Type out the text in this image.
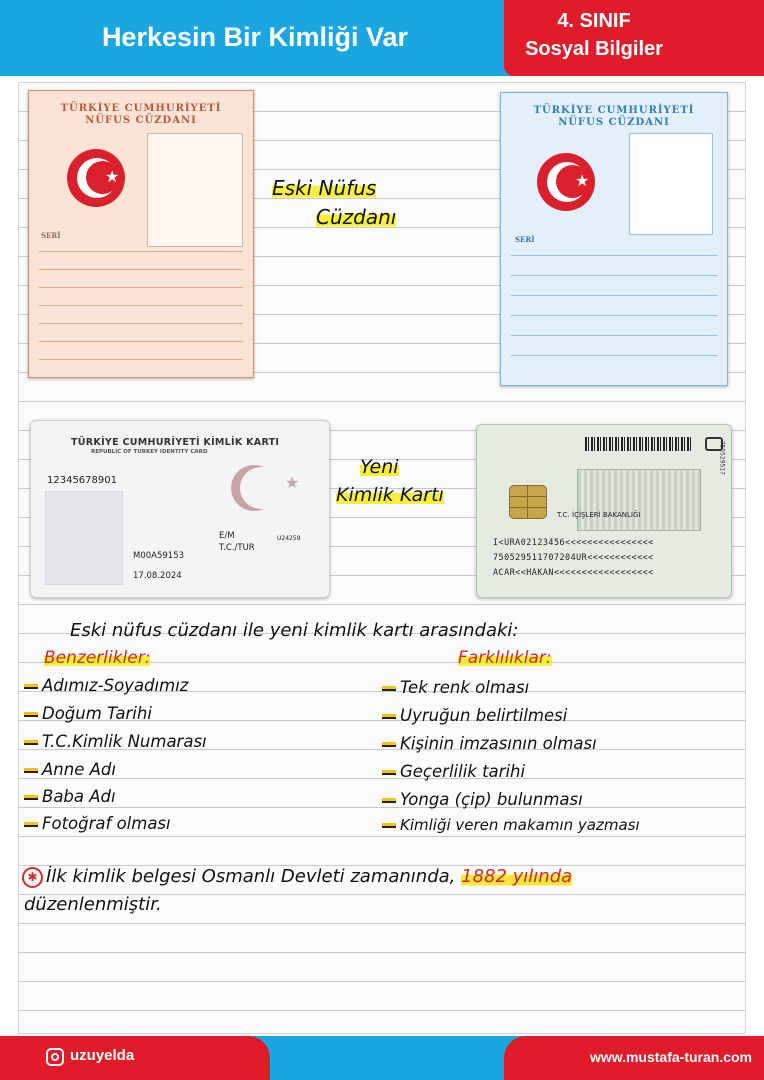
Herkesin Bir Kimliği Var
4. SINIF
Sosyal Bilgiler
TÜRKİYE CUMHURİYETİ
NÜFUS CÜZDANI
★
SERİ
TÜRKİYE CUMHURİYETİ
NÜFUS CÜZDANI
★
SERİ
Eski Nüfus
Cüzdanı
TÜRKİYE CUMHURİYETİ KİMLİK KARTI
REPUBLIC OF TURKEY IDENTITY CARD
12345678901	★
E/M
T.C./TUR
U24259
M00A59153
17.08.2024
Yeni
Kimlik Kartı
T.C. İÇİŞLERİ BAKANLIĞI
750529517
I<URA02123456<<<<<<<<<<<<<<<<
750529511707204UR<<<<<<<<<<<<
ACAR<<HAKAN<<<<<<<<<<<<<<<<<<
Eski nüfus cüzdanı ile yeni kimlik kartı arasındaki:
Benzerlikler:	Farklılıklar:
Adımız-Soyadımız
Doğum Tarihi
T.C.Kimlik Numarası
Anne Adı
Baba Adı
Fotoğraf olması
Tek renk olması
Uyruğun belirtilmesi
Kişinin imzasının olması
Geçerlilik tarihi
Yonga (çip) bulunması
Kimliği veren makamın yazması
✱ İlk kimlik belgesi Osmanlı Devleti zamanında, 1882 yılında
düzenlenmiştir.
uzuyelda	www.mustafa-turan.com
